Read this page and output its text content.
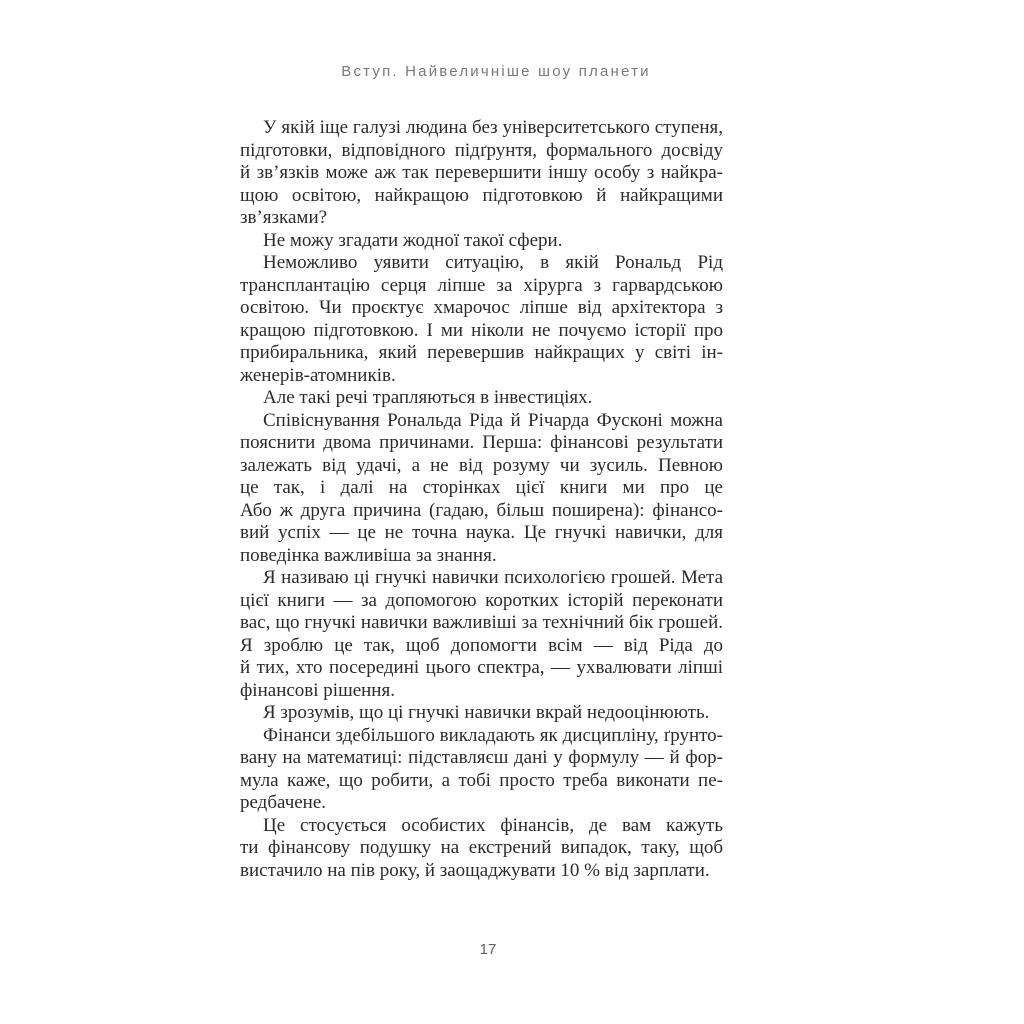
Вступ. Найвеличніше шоу планети

У якій іще галузі людина без університетського ступеня,
підготовки, відповідного підґрунтя, формального досвіду
й зв’язків може аж так перевершити іншу особу з найкра-
щою освітою, найкращою підготовкою й найкращими
зв’язками?

Не можу згадати жодної такої сфери.

Неможливо уявити ситуацію, в якій Рональд Рід
трансплантацію серця ліпше за хірурга з гарвардською
освітою. Чи проєктує хмарочос ліпше від архітектора з
кращою підготовкою. І ми ніколи не почуємо історії про
прибиральника, який перевершив найкращих у світі ін-
женерів-атомників.

Але такі речі трапляються в інвестиціях.

Співіснування Рональда Ріда й Річарда Фусконі можна
пояснити двома причинами. Перша: фінансові результати
залежать від удачі, а не від розуму чи зусиль. Певною
це так, і далі на сторінках цієї книги ми про це
Або ж друга причина (гадаю, більш поширена): фінансо-
вий успіх — це не точна наука. Це гнучкі навички, для
поведінка важливіша за знання.

Я називаю ці гнучкі навички психологією грошей. Мета
цієї книги — за допомогою коротких історій переконати
вас, що гнучкі навички важливіші за технічний бік грошей.
Я зроблю це так, щоб допомогти всім — від Ріда до
й тих, хто посередині цього спектра, — ухвалювати ліпші
фінансові рішення.

Я зрозумів, що ці гнучкі навички вкрай недооцінюють.

Фінанси здебільшого викладають як дисципліну, ґрунто-
вану на математиці: підставляєш дані у формулу — й фор-
мула каже, що робити, а тобі просто треба виконати пе-
редбачене.

Це стосується особистих фінансів, де вам кажуть
ти фінансову подушку на екстрений випадок, таку, щоб
вистачило на пів року, й заощаджувати 10 % від зарплати.

17
